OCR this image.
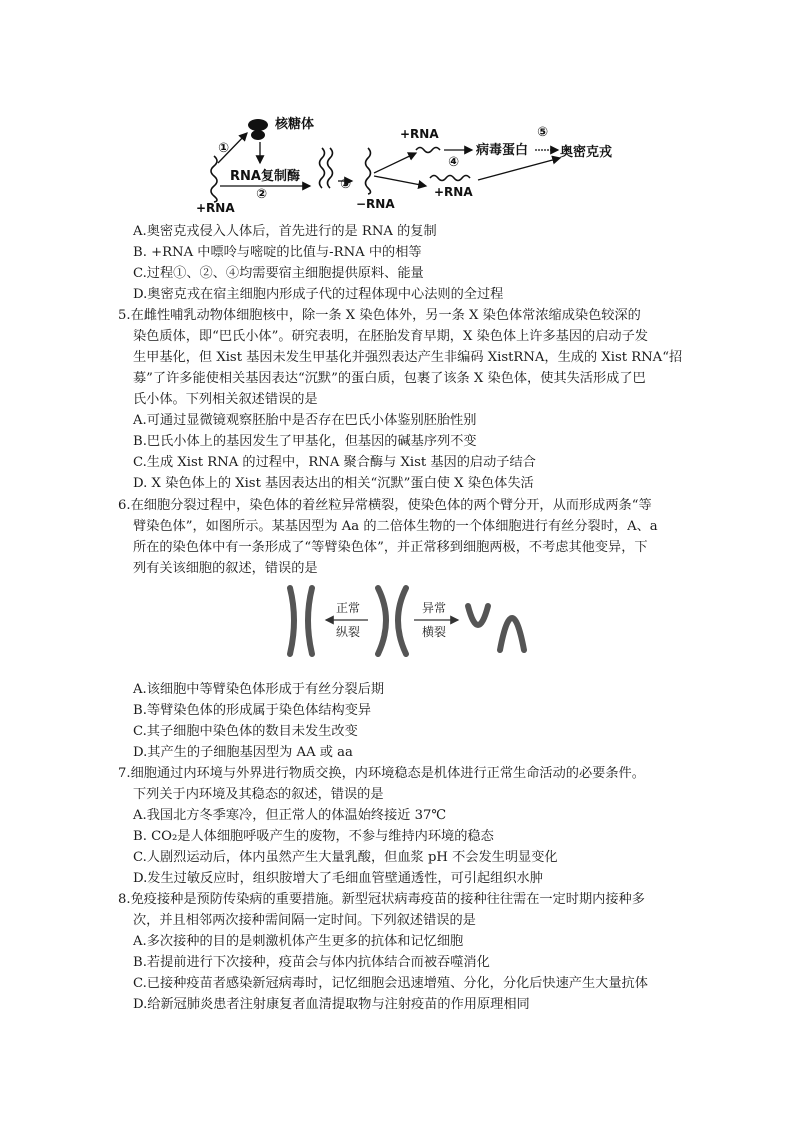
核糖体
+RNA
①
RNA复制酶
②
③
−RNA
+RNA
④
病毒蛋白
⑤
奥密克戎
+RNA
A.奥密克戎侵入人体后，首先进行的是 RNA 的复制
B. +RNA 中嘌呤与嘧啶的比值与-RNA 中的相等
C.过程①、②、④均需要宿主细胞提供原料、能量
D.奥密克戎在宿主细胞内形成子代的过程体现中心法则的全过程
5.在雌性哺乳动物体细胞核中，除一条 X 染色体外，另一条 X 染色体常浓缩成染色较深的
染色质体，即“巴氏小体”。研究表明，在胚胎发育早期，X 染色体上许多基因的启动子发
生甲基化，但 Xist 基因未发生甲基化并强烈表达产生非编码 XistRNA，生成的 Xist RNA“招
募”了许多能使相关基因表达“沉默”的蛋白质，包裹了该条 X 染色体，使其失活形成了巴
氏小体。下列相关叙述错误的是
A.可通过显微镜观察胚胎中是否存在巴氏小体鉴别胚胎性别
B.巴氏小体上的基因发生了甲基化，但基因的碱基序列不变
C.生成 Xist RNA 的过程中，RNA 聚合酶与 Xist 基因的启动子结合
D. X 染色体上的 Xist 基因表达出的相关“沉默”蛋白使 X 染色体失活
6.在细胞分裂过程中，染色体的着丝粒异常横裂，使染色体的两个臂分开，从而形成两条“等
臂染色体”，如图所示。某基因型为 Aa 的二倍体生物的一个体细胞进行有丝分裂时，A、a
所在的染色体中有一条形成了“等臂染色体”，并正常移到细胞两极，不考虑其他变异，下
列有关该细胞的叙述，错误的是
正常
纵裂
异常
横裂
A.该细胞中等臂染色体形成于有丝分裂后期
B.等臂染色体的形成属于染色体结构变异
C.其子细胞中染色体的数目未发生改变
D.其产生的子细胞基因型为 AA 或 aa
7.细胞通过内环境与外界进行物质交换，内环境稳态是机体进行正常生命活动的必要条件。
下列关于内环境及其稳态的叙述，错误的是
A.我国北方冬季寒冷，但正常人的体温始终接近 37℃
B. CO₂是人体细胞呼吸产生的废物，不参与维持内环境的稳态
C.人剧烈运动后，体内虽然产生大量乳酸，但血浆 pH 不会发生明显变化
D.发生过敏反应时，组织胺增大了毛细血管壁通透性，可引起组织水肿
8.免疫接种是预防传染病的重要措施。新型冠状病毒疫苗的接种往往需在一定时期内接种多
次，并且相邻两次接种需间隔一定时间。下列叙述错误的是
A.多次接种的目的是刺激机体产生更多的抗体和记忆细胞
B.若提前进行下次接种，疫苗会与体内抗体结合而被吞噬消化
C.已接种疫苗者感染新冠病毒时，记忆细胞会迅速增殖、分化，分化后快速产生大量抗体
D.给新冠肺炎患者注射康复者血清提取物与注射疫苗的作用原理相同
